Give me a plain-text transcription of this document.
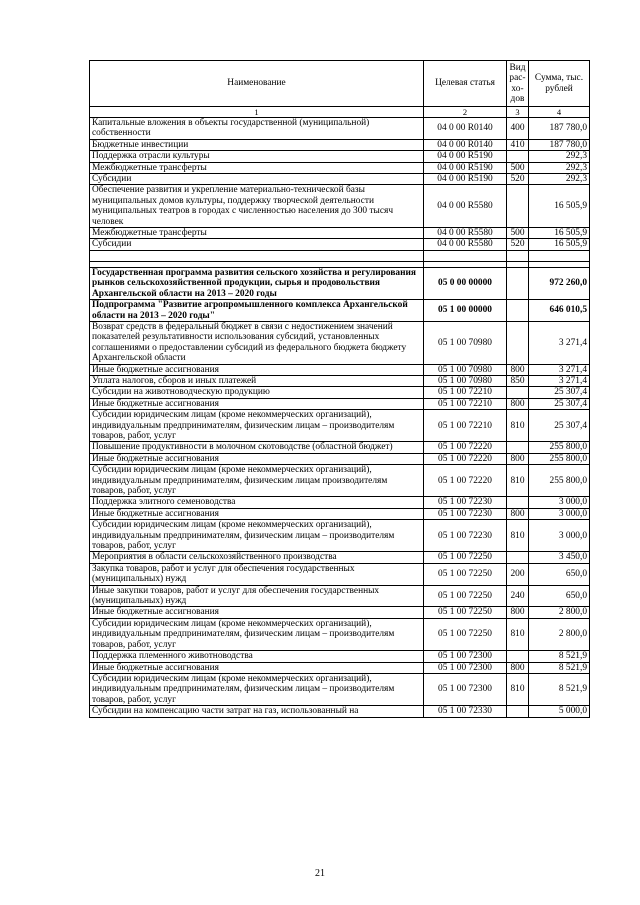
Наименование	Целевая статья	Вид рас-хо-дов	Сумма, тыс. рублей
1	2	3	4
Капитальные вложения в объекты государственной (муниципальной) собственности	04 0 00 R0140	400	187 780,0
Бюджетные инвестиции	04 0 00 R0140	410	187 780,0
Поддержка отрасли культуры	04 0 00 R5190		292,3
Межбюджетные трансферты	04 0 00 R5190	500	292,3
Субсидии	04 0 00 R5190	520	292,3
Обеспечение развития и укрепление материально-технической базы муниципальных домов культуры, поддержку творческой деятельности муниципальных театров в городах с численностью населения до 300 тысяч человек	04 0 00 R5580		16 505,9
Межбюджетные трансферты	04 0 00 R5580	500	16 505,9
Субсидии	04 0 00 R5580	520	16 505,9

Государственная программа развития сельского хозяйства и регулирования рынков сельскохозяйственной продукции, сырья и продовольствия Архангельской области на 2013 – 2020 годы	05 0 00 00000		972 260,0
Подпрограмма "Развитие агропромышленного комплекса Архангельской области на 2013 – 2020 годы"	05 1 00 00000		646 010,5
Возврат средств в федеральный бюджет в связи с недостижением значений показателей результативности использования субсидий, установленных соглашениями о предоставлении субсидий из федерального бюджета бюджету Архангельской области	05 1 00 70980		3 271,4
Иные бюджетные ассигнования	05 1 00 70980	800	3 271,4
Уплата налогов, сборов и иных платежей	05 1 00 70980	850	3 271,4
Субсидии на животноводческую продукцию	05 1 00 72210		25 307,4
Иные бюджетные ассигнования	05 1 00 72210	800	25 307,4
Субсидии юридическим лицам (кроме некоммерческих организаций), индивидуальным предпринимателям, физическим лицам – производителям товаров, работ, услуг	05 1 00 72210	810	25 307,4
Повышение продуктивности в молочном скотоводстве (областной бюджет)	05 1 00 72220		255 800,0
Иные бюджетные ассигнования	05 1 00 72220	800	255 800,0
Субсидии юридическим лицам (кроме некоммерческих организаций), индивидуальным предпринимателям, физическим лицам производителям товаров, работ, услуг	05 1 00 72220	810	255 800,0
Поддержка элитного семеноводства	05 1 00 72230		3 000,0
Иные бюджетные ассигнования	05 1 00 72230	800	3 000,0
Субсидии юридическим лицам (кроме некоммерческих организаций), индивидуальным предпринимателям, физическим лицам – производителям товаров, работ, услуг	05 1 00 72230	810	3 000,0
Мероприятия в области сельскохозяйственного производства	05 1 00 72250		3 450,0
Закупка товаров, работ и услуг для обеспечения государственных (муниципальных) нужд	05 1 00 72250	200	650,0
Иные закупки товаров, работ и услуг для обеспечения государственных (муниципальных) нужд	05 1 00 72250	240	650,0
Иные бюджетные ассигнования	05 1 00 72250	800	2 800,0
Субсидии юридическим лицам (кроме некоммерческих организаций), индивидуальным предпринимателям, физическим лицам – производителям товаров, работ, услуг	05 1 00 72250	810	2 800,0
Поддержка племенного животноводства	05 1 00 72300		8 521,9
Иные бюджетные ассигнования	05 1 00 72300	800	8 521,9
Субсидии юридическим лицам (кроме некоммерческих организаций), индивидуальным предпринимателям, физическим лицам – производителям товаров, работ, услуг	05 1 00 72300	810	8 521,9
Субсидии на компенсацию части затрат на газ, использованный на	05 1 00 72330		5 000,0
21
